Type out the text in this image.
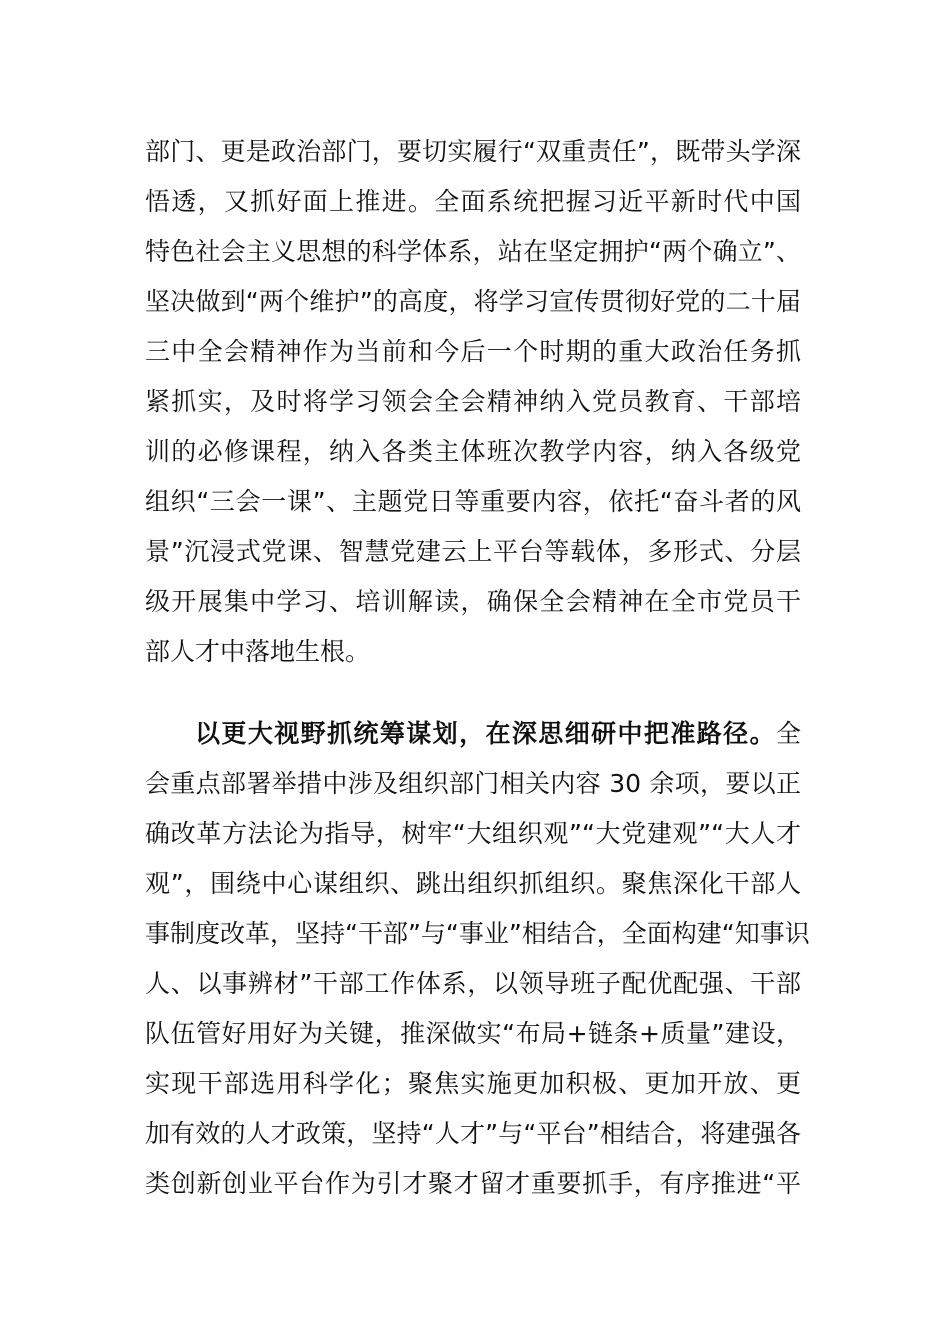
部门、更是政治部门，要切实履行“双重责任”，既带头学深
悟透，又抓好面上推进。全面系统把握习近平新时代中国
特色社会主义思想的科学体系，站在坚定拥护“两个确立”、
坚决做到“两个维护”的高度，将学习宣传贯彻好党的二十届
三中全会精神作为当前和今后一个时期的重大政治任务抓
紧抓实，及时将学习领会全会精神纳入党员教育、干部培
训的必修课程，纳入各类主体班次教学内容，纳入各级党
组织“三会一课”、主题党日等重要内容，依托“奋斗者的风
景”沉浸式党课、智慧党建云上平台等载体，多形式、分层
级开展集中学习、培训解读，确保全会精神在全市党员干
部人才中落地生根。
以更大视野抓统筹谋划，在深思细研中把准路径。全
会重点部署举措中涉及组织部门相关内容 30 余项，要以正
确改革方法论为指导，树牢“大组织观”“大党建观”“大人才
观”，围绕中心谋组织、跳出组织抓组织。聚焦深化干部人
事制度改革，坚持“干部”与“事业”相结合，全面构建“知事识
人、以事辨材”干部工作体系，以领导班子配优配强、干部
队伍管好用好为关键，推深做实“布局+链条+质量”建设，
实现干部选用科学化；聚焦实施更加积极、更加开放、更
加有效的人才政策，坚持“人才”与“平台”相结合，将建强各
类创新创业平台作为引才聚才留才重要抓手，有序推进“平
